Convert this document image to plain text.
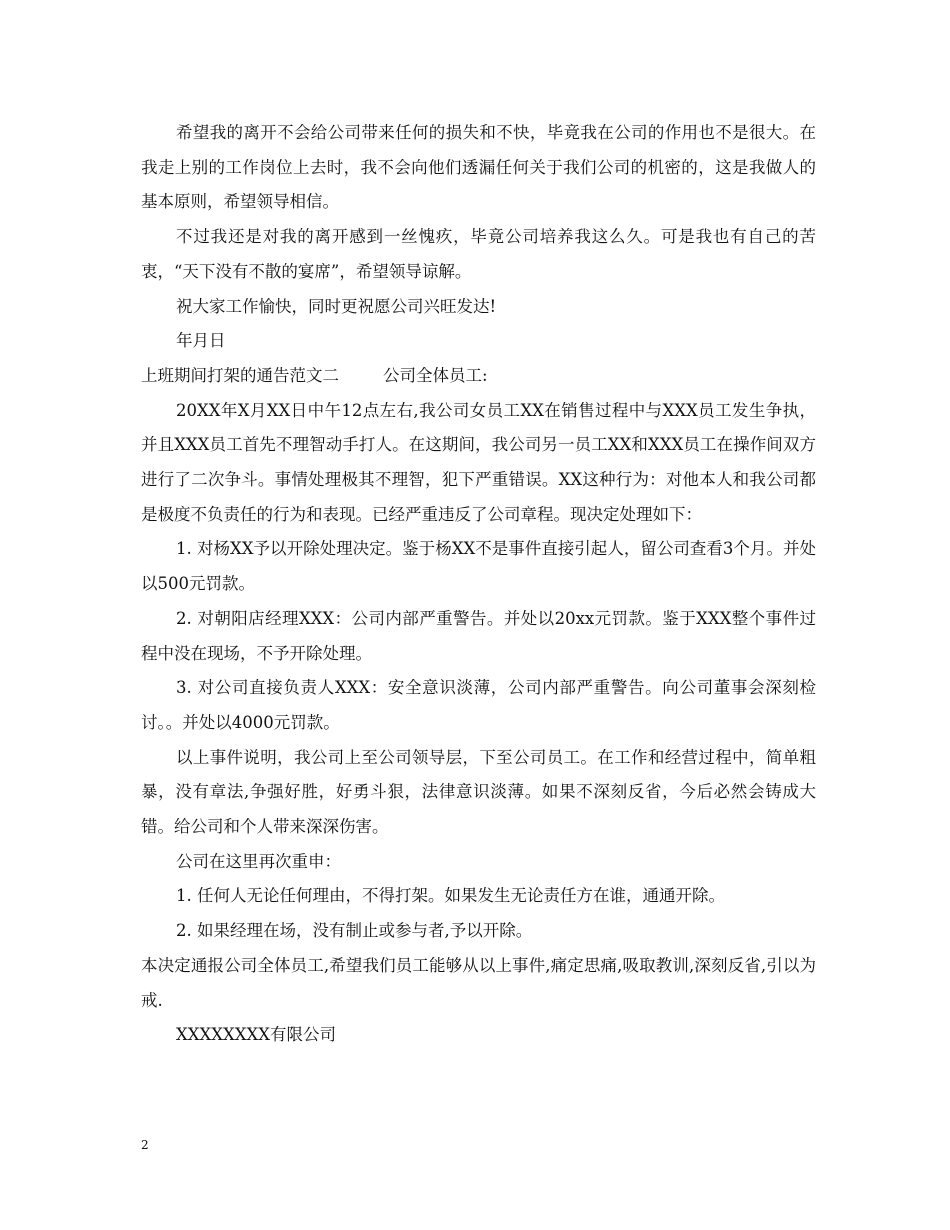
希望我的离开不会给公司带来任何的损失和不快，毕竟我在公司的作用也不是很大。在我走上别的工作岗位上去时，我不会向他们透漏任何关于我们公司的机密的，这是我做人的基本原则，希望领导相信。

不过我还是对我的离开感到一丝愧疚，毕竟公司培养我这么久。可是我也有自己的苦衷，“天下没有不散的宴席”，希望领导谅解。

祝大家工作愉快，同时更祝愿公司兴旺发达!

年月日

上班期间打架的通告范文二	公司全体员工:

20XX年X月XX日中午12点左右,我公司女员工XX在销售过程中与XXX员工发生争执，并且XXX员工首先不理智动手打人。在这期间，我公司另一员工XX和XXX员工在操作间双方进行了二次争斗。事情处理极其不理智，犯下严重错误。XX这种行为：对他本人和我公司都是极度不负责任的行为和表现。已经严重违反了公司章程。现决定处理如下：

1. 对杨XX予以开除处理决定。鉴于杨XX不是事件直接引起人，留公司查看3个月。并处以500元罚款。

2. 对朝阳店经理XXX：公司内部严重警告。并处以20xx元罚款。鉴于XXX整个事件过程中没在现场，不予开除处理。

3. 对公司直接负责人XXX：安全意识淡薄，公司内部严重警告。向公司董事会深刻检讨。。并处以4000元罚款。

以上事件说明，我公司上至公司领导层，下至公司员工。在工作和经营过程中，简单粗暴，没有章法,争强好胜，好勇斗狠，法律意识淡薄。如果不深刻反省，今后必然会铸成大错。给公司和个人带来深深伤害。

公司在这里再次重申：

1. 任何人无论任何理由，不得打架。如果发生无论责任方在谁，通通开除。

2. 如果经理在场，没有制止或参与者,予以开除。

本决定通报公司全体员工,希望我们员工能够从以上事件,痛定思痛,吸取教训,深刻反省,引以为戒.

XXXXXXXX有限公司

2
